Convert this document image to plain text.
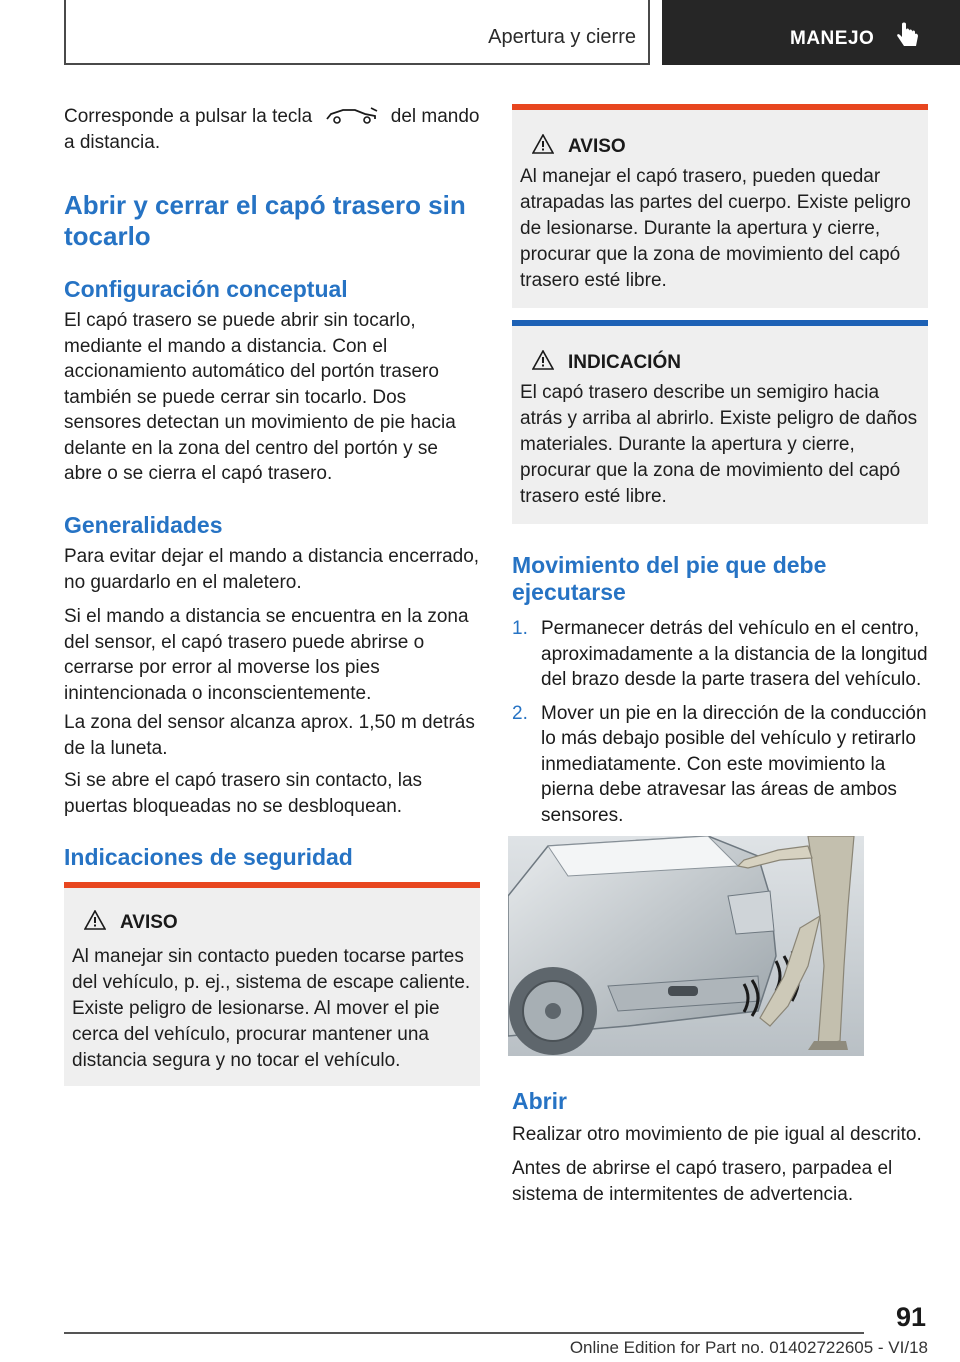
Apertura y cierre	MANEJO

Corresponde a pulsar la tecla	del mando a distancia.

Abrir y cerrar el capó trasero sin tocarlo
Configuración conceptual

El capó trasero se puede abrir sin tocarlo, mediante el mando a distancia. Con el accionamiento automático del portón trasero también se puede cerrar sin tocarlo. Dos sensores detectan un movimiento de pie hacia delante en la zona del centro del portón y se abre o se cierra el capó trasero.

Generalidades

Para evitar dejar el mando a distancia encerrado, no guardarlo en el maletero.

Si el mando a distancia se encuentra en la zona del sensor, el capó trasero puede abrirse o cerrarse por error al moverse los pies inintencionada o inconscientemente.

La zona del sensor alcanza aprox. 1,50 m detrás de la luneta.

Si se abre el capó trasero sin contacto, las puertas bloqueadas no se desbloquean.

Indicaciones de seguridad
AVISO

Al manejar sin contacto pueden tocarse partes del vehículo, p. ej., sistema de escape caliente. Existe peligro de lesionarse. Al mover el pie cerca del vehículo, procurar mantener una distancia segura y no tocar el vehículo.

AVISO

Al manejar el capó trasero, pueden quedar atrapadas las partes del cuerpo. Existe peligro de lesionarse. Durante la apertura y cierre, procurar que la zona de movimiento del capó trasero esté libre.

INDICACIÓN

El capó trasero describe un semigiro hacia atrás y arriba al abrirlo. Existe peligro de daños materiales. Durante la apertura y cierre, procurar que la zona de movimiento del capó trasero esté libre.

Movimiento del pie que debe ejecutarse
1. Permanecer detrás del vehículo en el centro, aproximadamente a la distancia de la longitud del brazo desde la parte trasera del vehículo.
2. Mover un pie en la dirección de la conducción lo más debajo posible del vehículo y retirarlo inmediatamente. Con este movimiento la pierna debe atravesar las áreas de ambos sensores.
Abrir

Realizar otro movimiento de pie igual al descrito.

Antes de abrirse el capó trasero, parpadea el sistema de intermitentes de advertencia.

91
Online Edition for Part no. 01402722605 - VI/18
